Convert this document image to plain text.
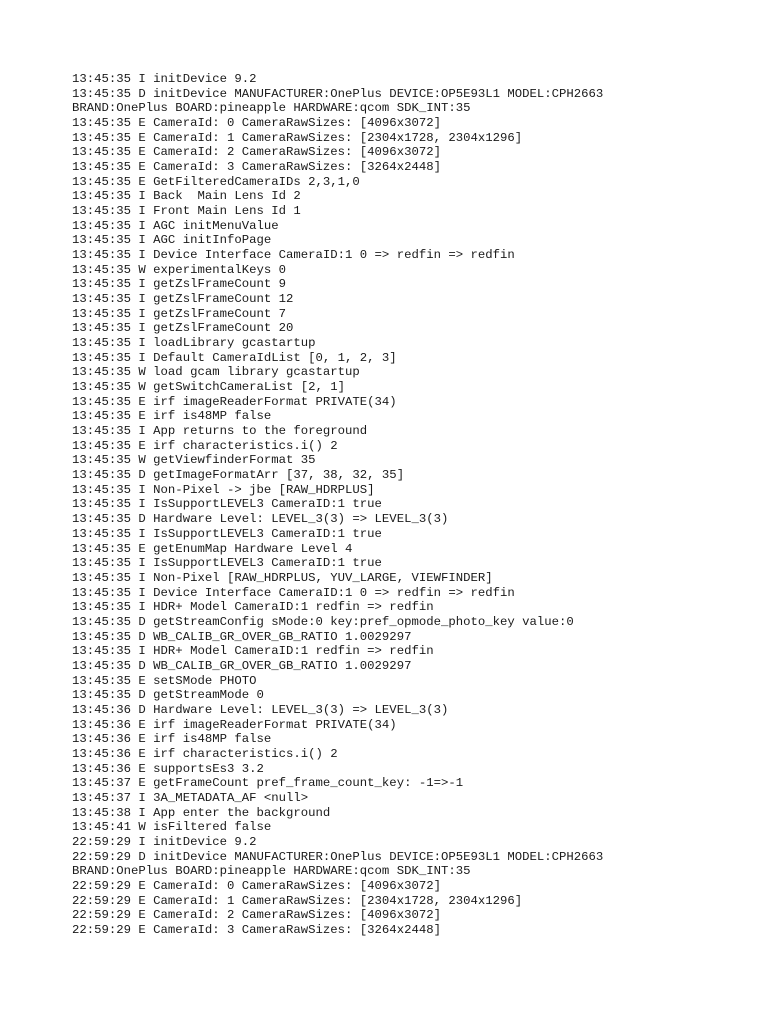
13:45:35 I initDevice 9.2
13:45:35 D initDevice MANUFACTURER:OnePlus DEVICE:OP5E93L1 MODEL:CPH2663
BRAND:OnePlus BOARD:pineapple HARDWARE:qcom SDK_INT:35
13:45:35 E CameraId: 0 CameraRawSizes: [4096x3072]
13:45:35 E CameraId: 1 CameraRawSizes: [2304x1728, 2304x1296]
13:45:35 E CameraId: 2 CameraRawSizes: [4096x3072]
13:45:35 E CameraId: 3 CameraRawSizes: [3264x2448]
13:45:35 E GetFilteredCameraIDs 2,3,1,0
13:45:35 I Back  Main Lens Id 2
13:45:35 I Front Main Lens Id 1
13:45:35 I AGC initMenuValue
13:45:35 I AGC initInfoPage
13:45:35 I Device Interface CameraID:1 0 => redfin => redfin
13:45:35 W experimentalKeys 0
13:45:35 I getZslFrameCount 9
13:45:35 I getZslFrameCount 12
13:45:35 I getZslFrameCount 7
13:45:35 I getZslFrameCount 20
13:45:35 I loadLibrary gcastartup
13:45:35 I Default CameraIdList [0, 1, 2, 3]
13:45:35 W load gcam library gcastartup
13:45:35 W getSwitchCameraList [2, 1]
13:45:35 E irf imageReaderFormat PRIVATE(34)
13:45:35 E irf is48MP false
13:45:35 I App returns to the foreground
13:45:35 E irf characteristics.i() 2
13:45:35 W getViewfinderFormat 35
13:45:35 D getImageFormatArr [37, 38, 32, 35]
13:45:35 I Non-Pixel -> jbe [RAW_HDRPLUS]
13:45:35 I IsSupportLEVEL3 CameraID:1 true
13:45:35 D Hardware Level: LEVEL_3(3) => LEVEL_3(3)
13:45:35 I IsSupportLEVEL3 CameraID:1 true
13:45:35 E getEnumMap Hardware Level 4
13:45:35 I IsSupportLEVEL3 CameraID:1 true
13:45:35 I Non-Pixel [RAW_HDRPLUS, YUV_LARGE, VIEWFINDER]
13:45:35 I Device Interface CameraID:1 0 => redfin => redfin
13:45:35 I HDR+ Model CameraID:1 redfin => redfin
13:45:35 D getStreamConfig sMode:0 key:pref_opmode_photo_key value:0
13:45:35 D WB_CALIB_GR_OVER_GB_RATIO 1.0029297
13:45:35 I HDR+ Model CameraID:1 redfin => redfin
13:45:35 D WB_CALIB_GR_OVER_GB_RATIO 1.0029297
13:45:35 E setSMode PHOTO
13:45:35 D getStreamMode 0
13:45:36 D Hardware Level: LEVEL_3(3) => LEVEL_3(3)
13:45:36 E irf imageReaderFormat PRIVATE(34)
13:45:36 E irf is48MP false
13:45:36 E irf characteristics.i() 2
13:45:36 E supportsEs3 3.2
13:45:37 E getFrameCount pref_frame_count_key: -1=>-1
13:45:37 I 3A_METADATA_AF <null>
13:45:38 I App enter the background
13:45:41 W isFiltered false
22:59:29 I initDevice 9.2
22:59:29 D initDevice MANUFACTURER:OnePlus DEVICE:OP5E93L1 MODEL:CPH2663
BRAND:OnePlus BOARD:pineapple HARDWARE:qcom SDK_INT:35
22:59:29 E CameraId: 0 CameraRawSizes: [4096x3072]
22:59:29 E CameraId: 1 CameraRawSizes: [2304x1728, 2304x1296]
22:59:29 E CameraId: 2 CameraRawSizes: [4096x3072]
22:59:29 E CameraId: 3 CameraRawSizes: [3264x2448]
